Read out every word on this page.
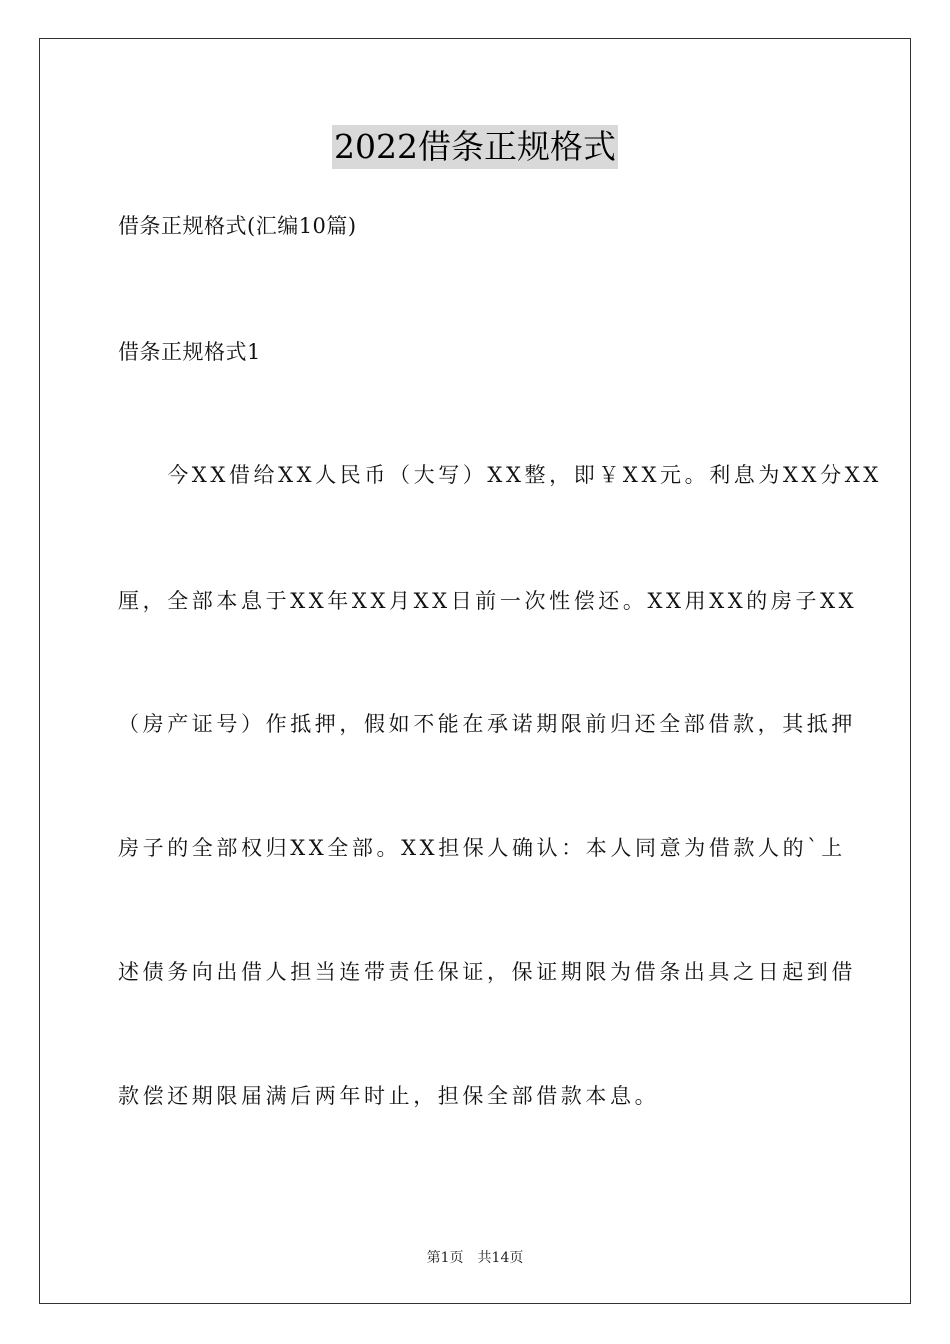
2022借条正规格式
借条正规格式(汇编10篇)
借条正规格式1
　　今XX借给XX人民币（大写）XX整，即￥XX元。利息为XX分XX
厘，全部本息于XX年XX月XX日前一次性偿还。XX用XX的房子XX
（房产证号）作抵押，假如不能在承诺期限前归还全部借款，其抵押
房子的全部权归XX全部。XX担保人确认：本人同意为借款人的`上
述债务向出借人担当连带责任保证，保证期限为借条出具之日起到借
款偿还期限届满后两年时止，担保全部借款本息。
第1页　共14页
